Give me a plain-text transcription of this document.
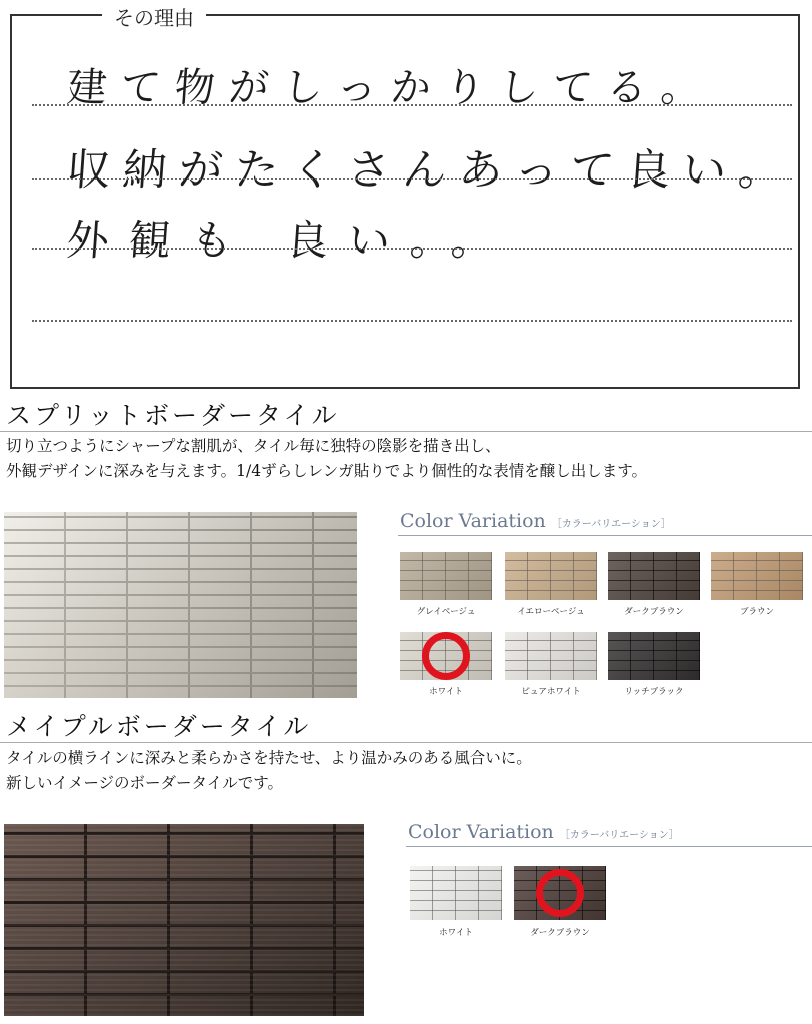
その理由
建て物がしっかりしてる。
収納がたくさんあって良い。
外観も 良い。。
スプリットボーダータイル
切り立つようにシャープな割肌が、タイル毎に独特の陰影を描き出し、
外観デザインに深みを与えます。1/4ずらしレンガ貼りでより個性的な表情を醸し出します。
Color Variation ［カラーバリエーション］
グレイベージュ	イエローベージュ	ダークブラウン	ブラウン
ホワイト	ピュアホワイト	リッチブラック
メイプルボーダータイル
タイルの横ラインに深みと柔らかさを持たせ、より温かみのある風合いに。
新しいイメージのボーダータイルです。
Color Variation ［カラーバリエーション］
ホワイト	ダークブラウン
